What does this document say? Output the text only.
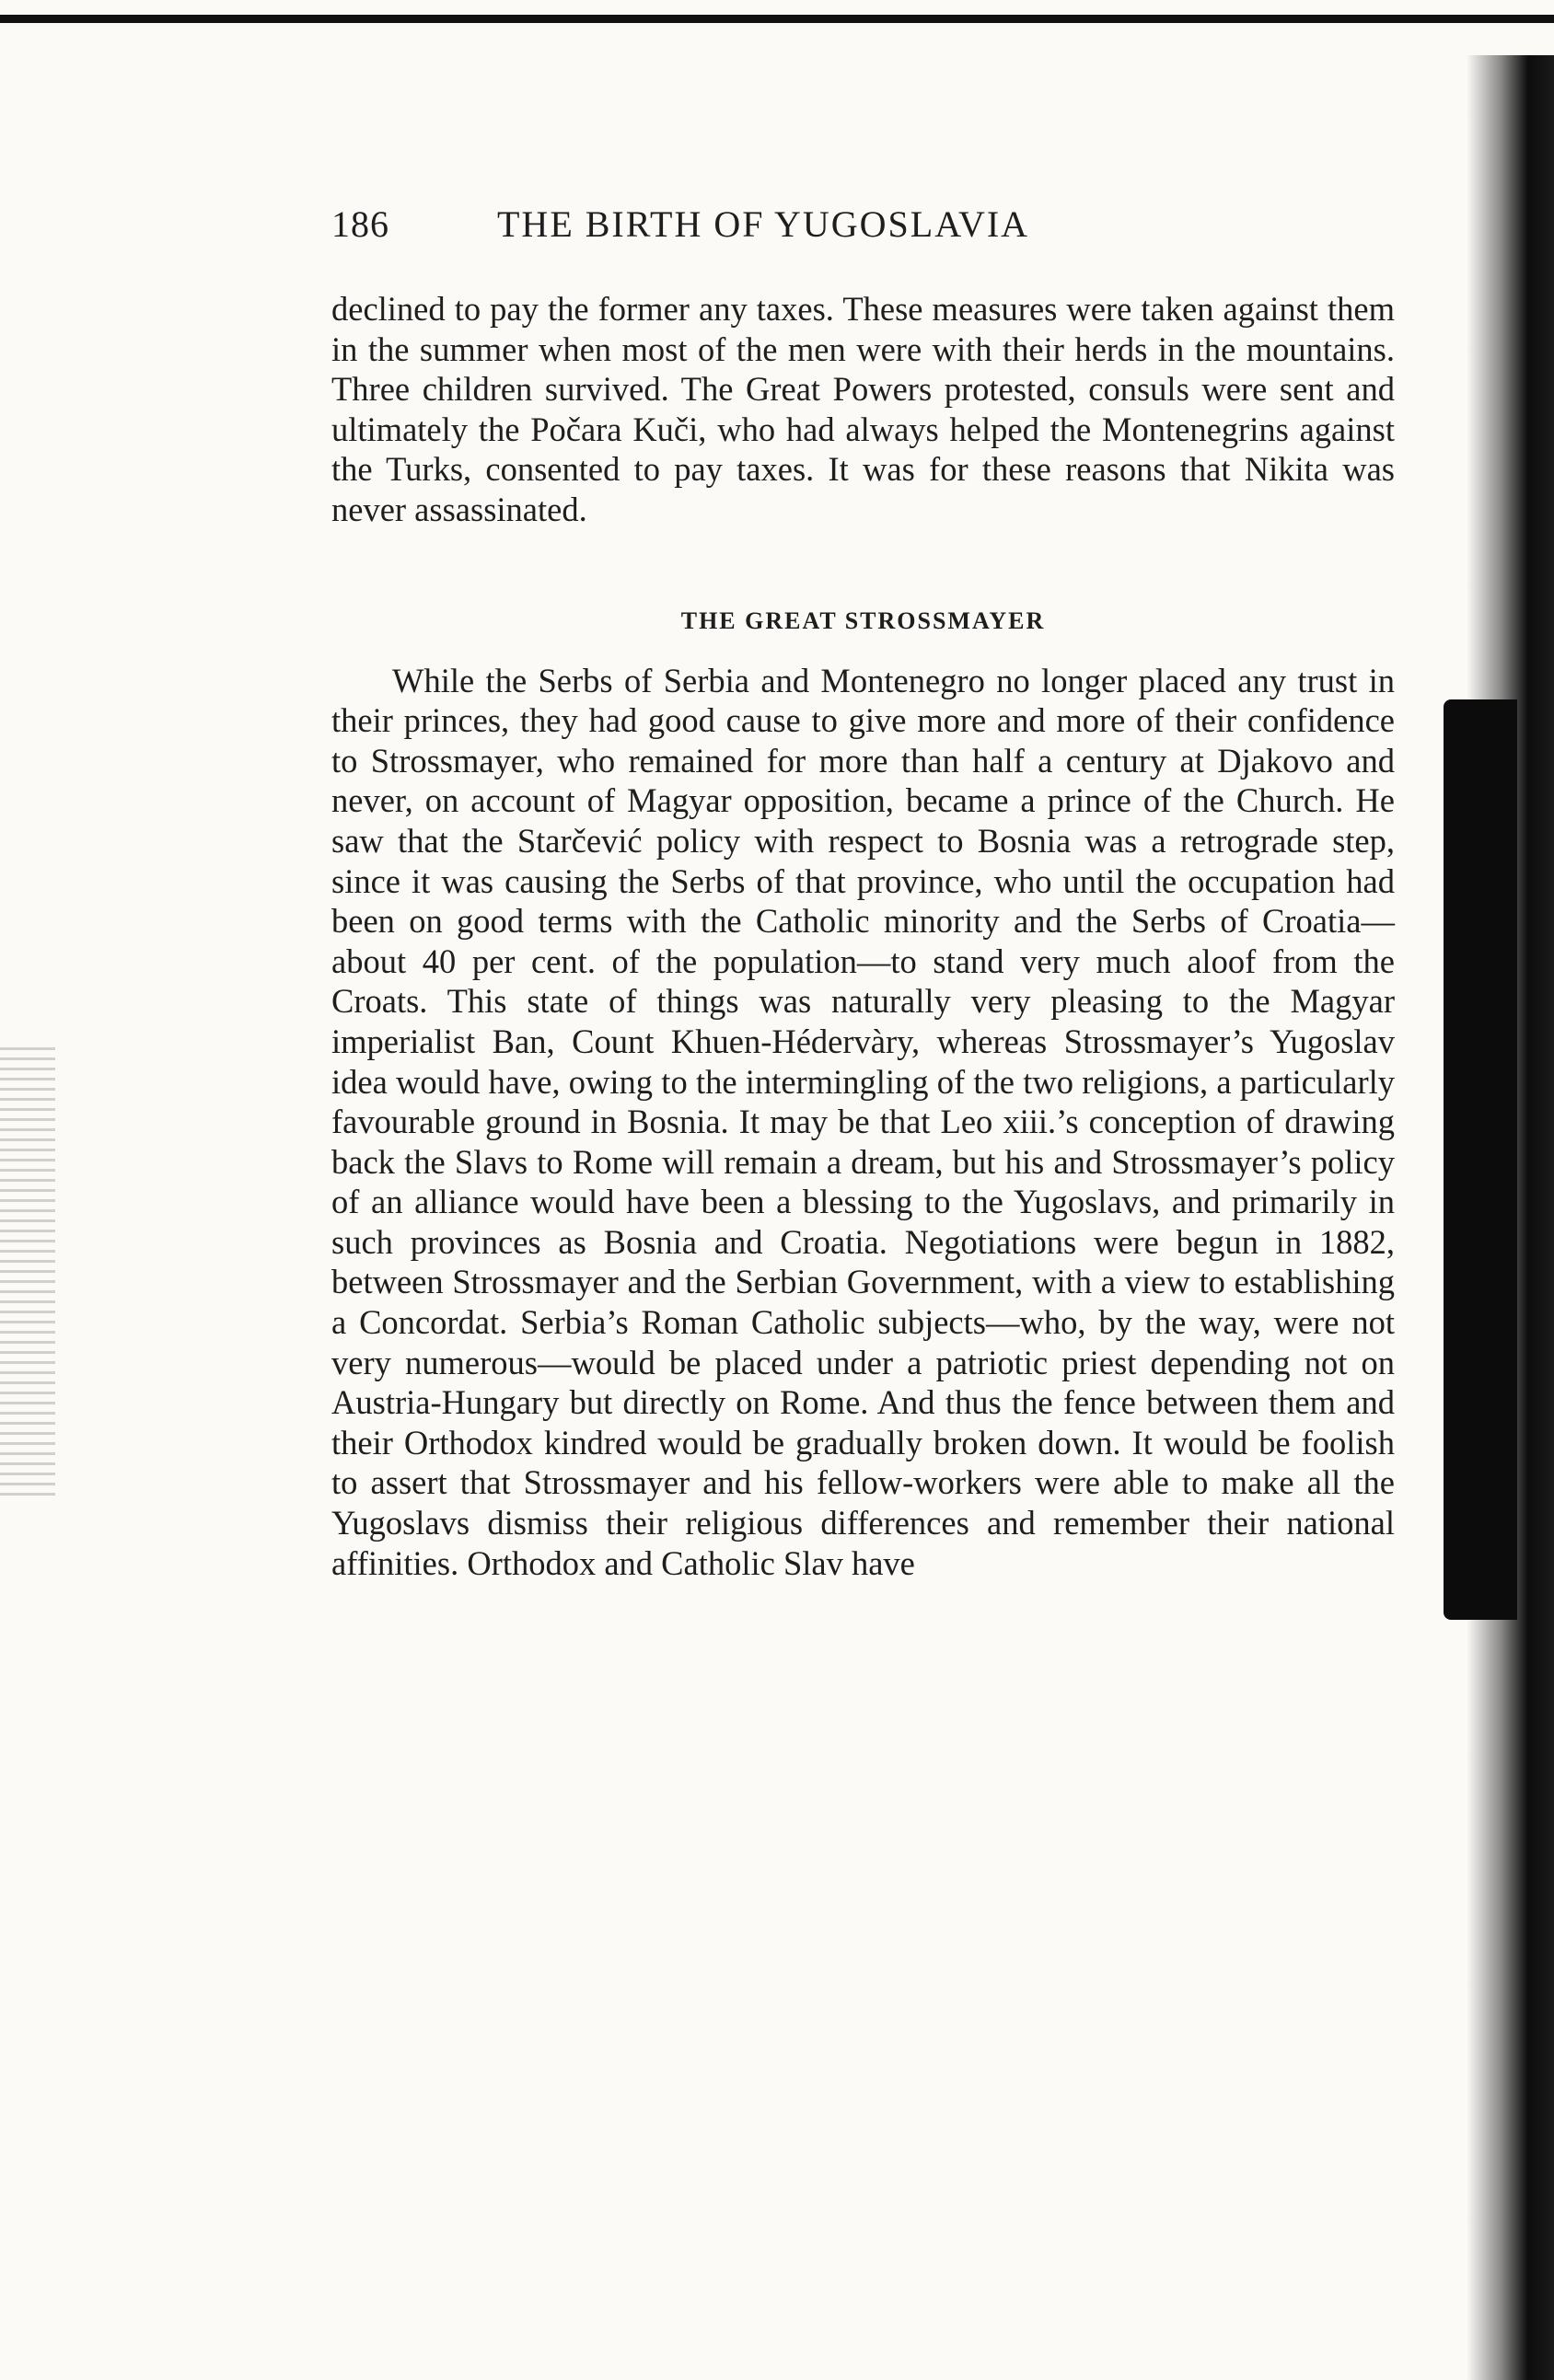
186	THE BIRTH OF YUGOSLAVIA

declined to pay the former any taxes. These measures were taken against them in the summer when most of the men were with their herds in the mountains. Three children survived. The Great Powers protested, consuls were sent and ultimately the Počara Kuči, who had always helped the Montenegrins against the Turks, consented to pay taxes. It was for these reasons that Nikita was never assassinated.

THE GREAT STROSSMAYER

While the Serbs of Serbia and Montenegro no longer placed any trust in their princes, they had good cause to give more and more of their confidence to Strossmayer, who remained for more than half a century at Djakovo and never, on account of Magyar opposition, became a prince of the Church. He saw that the Starčević policy with respect to Bosnia was a retrograde step, since it was causing the Serbs of that province, who until the occupation had been on good terms with the Catholic minority and the Serbs of Croatia—about 40 per cent. of the population—to stand very much aloof from the Croats. This state of things was naturally very pleasing to the Magyar imperialist Ban, Count Khuen-Hédervàry, whereas Strossmayer’s Yugoslav idea would have, owing to the intermingling of the two religions, a particularly favourable ground in Bosnia. It may be that Leo xiii.’s conception of drawing back the Slavs to Rome will remain a dream, but his and Strossmayer’s policy of an alliance would have been a blessing to the Yugoslavs, and primarily in such provinces as Bosnia and Croatia. Negotiations were begun in 1882, between Strossmayer and the Serbian Government, with a view to establishing a Concordat. Serbia’s Roman Catholic subjects—who, by the way, were not very numerous—would be placed under a patriotic priest depending not on Austria-Hungary but directly on Rome. And thus the fence between them and their Orthodox kindred would be gradually broken down. It would be foolish to assert that Strossmayer and his fellow-workers were able to make all the Yugoslavs dismiss their religious differences and remember their national affinities. Orthodox and Catholic Slav have
